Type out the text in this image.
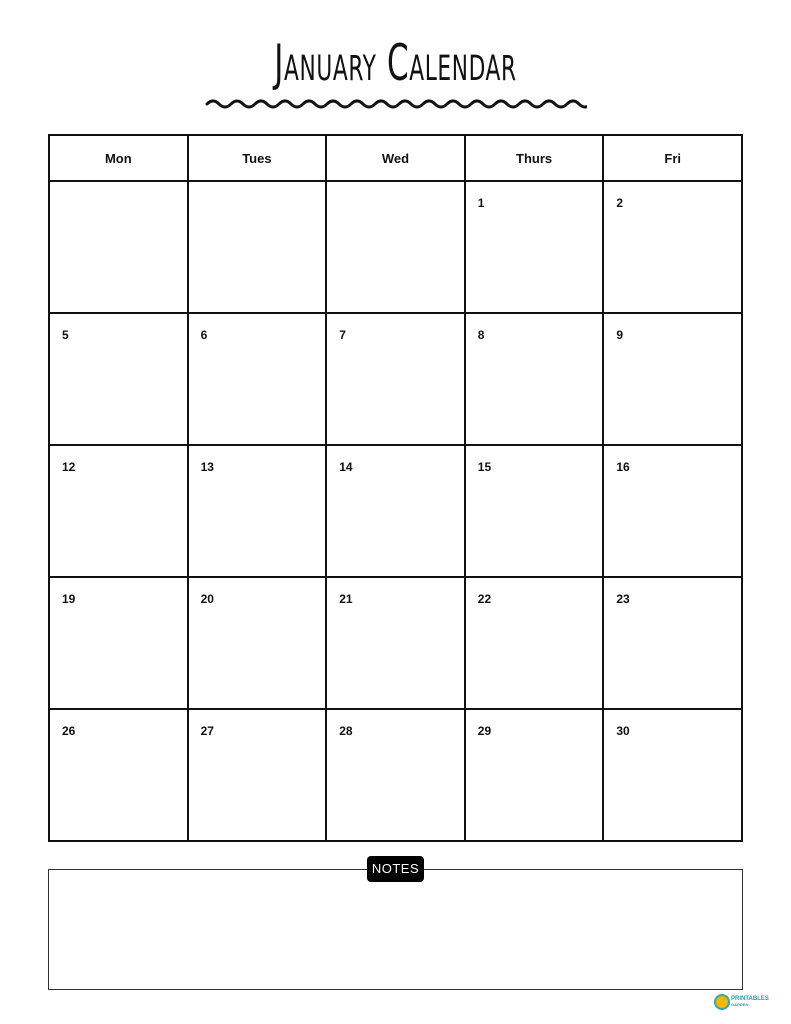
January Calendar
Mon	Tues	Wed	Thurs	Fri

			1	2

5	6	7	8	9

12	13	14	15	16

19	20	21	22	23

26	27	28	29	30
NOTES
PRINTABLES
GARDEN
